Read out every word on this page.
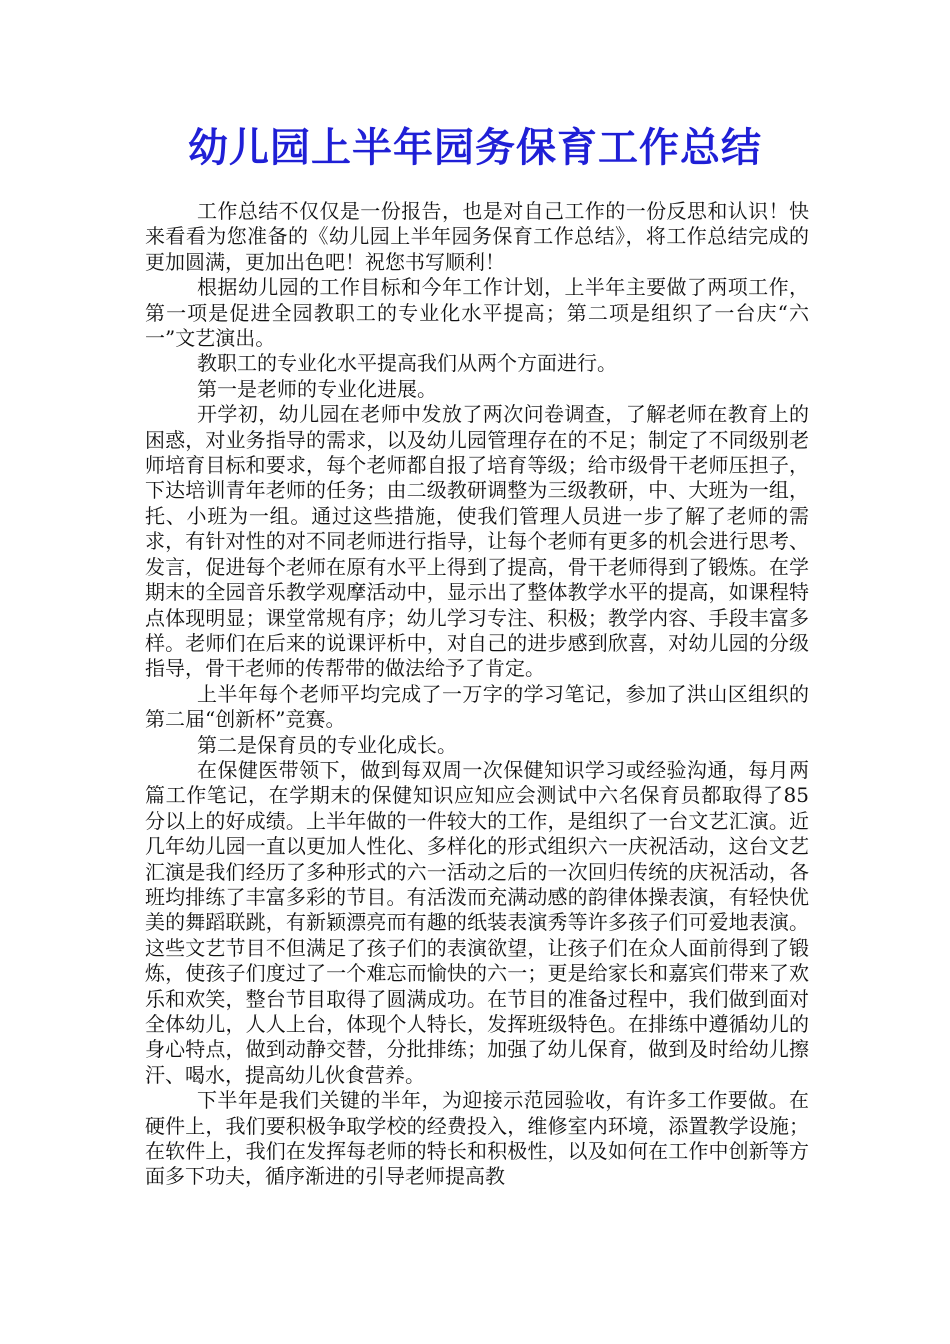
幼儿园上半年园务保育工作总结

工作总结不仅仅是一份报告，也是对自己工作的一份反思和认识！快来看看为您准备的《幼儿园上半年园务保育工作总结》，将工作总结完成的更加圆满，更加出色吧！祝您书写顺利！

根据幼儿园的工作目标和今年工作计划，上半年主要做了两项工作，第一项是促进全园教职工的专业化水平提高；第二项是组织了一台庆“六一”文艺演出。

教职工的专业化水平提高我们从两个方面进行。

第一是老师的专业化进展。

开学初，幼儿园在老师中发放了两次问卷调查，了解老师在教育上的困惑，对业务指导的需求，以及幼儿园管理存在的不足；制定了不同级别老师培育目标和要求，每个老师都自报了培育等级；给市级骨干老师压担子，下达培训青年老师的任务；由二级教研调整为三级教研，中、大班为一组，托、小班为一组。通过这些措施，使我们管理人员进一步了解了老师的需求，有针对性的对不同老师进行指导，让每个老师有更多的机会进行思考、发言，促进每个老师在原有水平上得到了提高，骨干老师得到了锻炼。在学期末的全园音乐教学观摩活动中，显示出了整体教学水平的提高，如课程特点体现明显；课堂常规有序；幼儿学习专注、积极；教学内容、手段丰富多样。老师们在后来的说课评析中，对自己的进步感到欣喜，对幼儿园的分级指导，骨干老师的传帮带的做法给予了肯定。

上半年每个老师平均完成了一万字的学习笔记，参加了洪山区组织的第二届“创新杯”竞赛。

第二是保育员的专业化成长。

在保健医带领下，做到每双周一次保健知识学习或经验沟通，每月两篇工作笔记，在学期末的保健知识应知应会测试中六名保育员都取得了85分以上的好成绩。上半年做的一件较大的工作，是组织了一台文艺汇演。近几年幼儿园一直以更加人性化、多样化的形式组织六一庆祝活动，这台文艺汇演是我们经历了多种形式的六一活动之后的一次回归传统的庆祝活动，各班均排练了丰富多彩的节目。有活泼而充满动感的韵律体操表演，有轻快优美的舞蹈联跳，有新颖漂亮而有趣的纸装表演秀等许多孩子们可爱地表演。这些文艺节目不但满足了孩子们的表演欲望，让孩子们在众人面前得到了锻炼，使孩子们度过了一个难忘而愉快的六一；更是给家长和嘉宾们带来了欢乐和欢笑，整台节目取得了圆满成功。在节目的准备过程中，我们做到面对全体幼儿，人人上台，体现个人特长，发挥班级特色。在排练中遵循幼儿的身心特点，做到动静交替，分批排练；加强了幼儿保育，做到及时给幼儿擦汗、喝水，提高幼儿伙食营养。

下半年是我们关键的半年，为迎接示范园验收，有许多工作要做。在硬件上，我们要积极争取学校的经费投入，维修室内环境，添置教学设施；在软件上，我们在发挥每老师的特长和积极性，以及如何在工作中创新等方面多下功夫，循序渐进的引导老师提高教
